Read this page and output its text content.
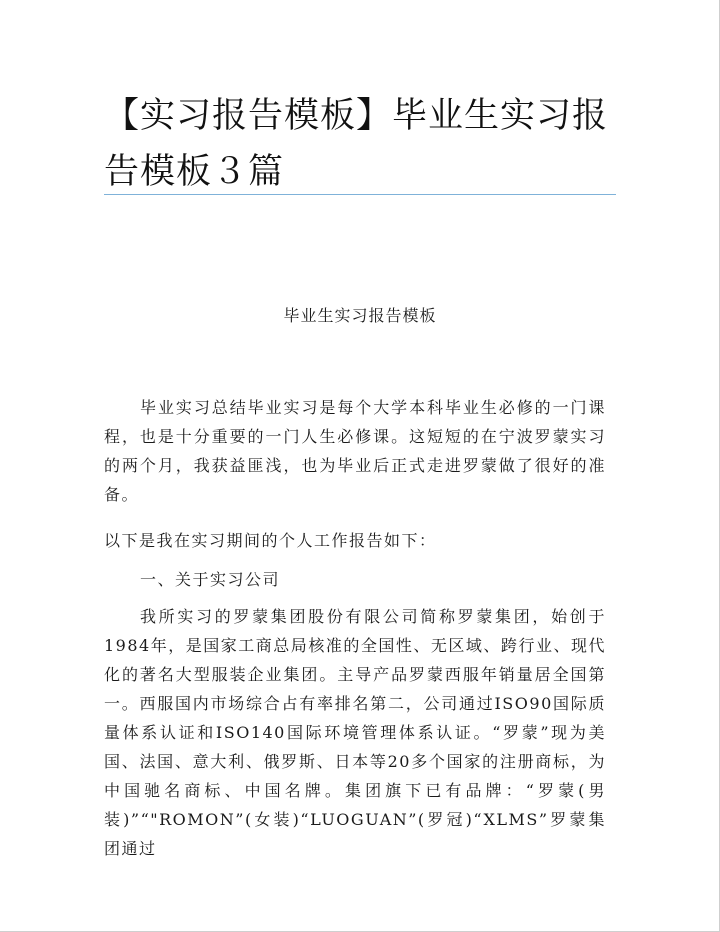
【实习报告模板】毕业生实习报告模板３篇
毕业生实习报告模板

毕业实习总结毕业实习是每个大学本科毕业生必修的一门课程，也是十分重要的一门人生必修课。这短短的在宁波罗蒙实习的两个月，我获益匪浅，也为毕业后正式走进罗蒙做了很好的准备。

以下是我在实习期间的个人工作报告如下：

一、关于实习公司

我所实习的罗蒙集团股份有限公司简称罗蒙集团，始创于1984年，是国家工商总局核准的全国性、无区域、跨行业、现代化的著名大型服装企业集团。主导产品罗蒙西服年销量居全国第一。西服国内市场综合占有率排名第二，公司通过ISO90国际质量体系认证和ISO140国际环境管理体系认证。“罗蒙”现为美国、法国、意大利、俄罗斯、日本等20多个国家的注册商标，为中国驰名商标、中国名牌。集团旗下已有品牌：“罗蒙(男装)”“"ROMON”(女装)“LUOGUAN”(罗冠)“XLMS”罗蒙集团通过
